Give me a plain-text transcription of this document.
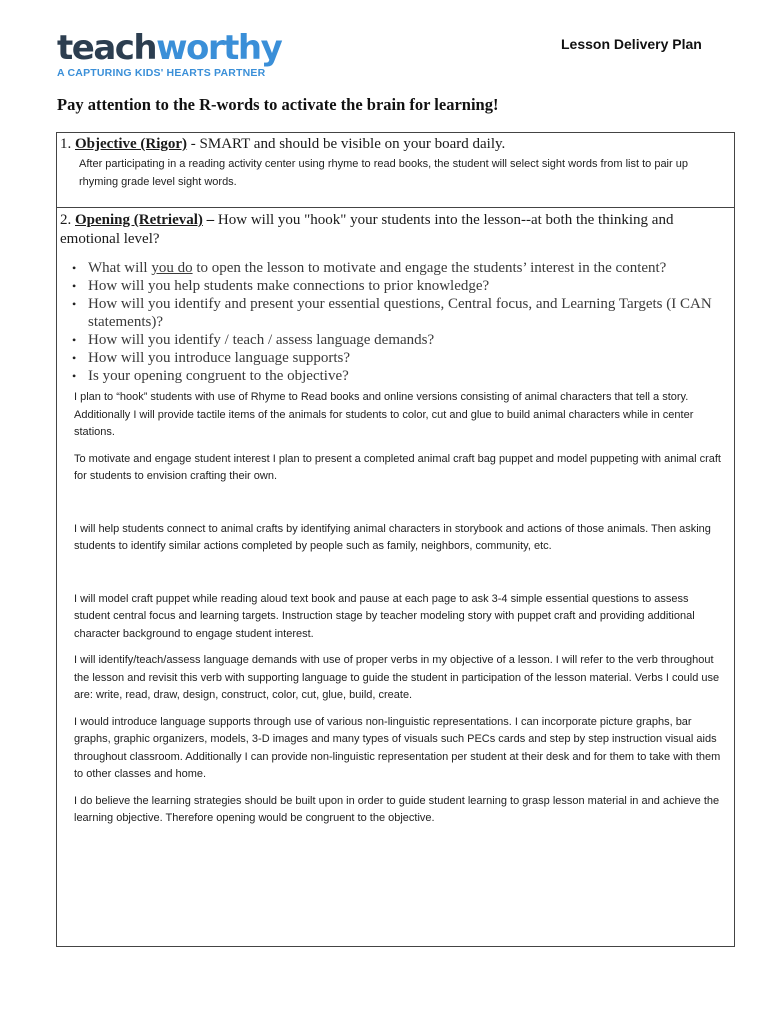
teachworthy
A CAPTURING KIDS' HEARTS PARTNER
Lesson Delivery Plan
Pay attention to the R-words to activate the brain for learning!
1. Objective (Rigor) - SMART and should be visible on your board daily.

After participating in a reading activity center using rhyme to read books, the student will select sight words from list to pair up rhyming grade level sight words.

2. Opening (Retrieval) – How will you "hook" your students into the lesson--at both the thinking and emotional level?
• What will you do to open the lesson to motivate and engage the students’ interest in the content?
• How will you help students make connections to prior knowledge?
• How will you identify and present your essential questions, Central focus, and Learning Targets (I CAN statements)?
• How will you identify / teach / assess language demands?
• How will you introduce language supports?
• Is your opening congruent to the objective?

I plan to “hook” students with use of Rhyme to Read books and online versions consisting of animal characters that tell a story. Additionally I will provide tactile items of the animals for students to color, cut and glue to build animal characters while in center stations.

To motivate and engage student interest I plan to present a completed animal craft bag puppet and model puppeting with animal craft for students to envision crafting their own.

I will help students connect to animal crafts by identifying animal characters in storybook and actions of those animals. Then asking students to identify similar actions completed by people such as family, neighbors, community, etc.

I will model craft puppet while reading aloud text book and pause at each page to ask 3-4 simple essential questions to assess student central focus and learning targets. Instruction stage by teacher modeling story with puppet craft and providing additional character background to engage student interest.

I will identify/teach/assess language demands with use of proper verbs in my objective of a lesson. I will refer to the verb throughout the lesson and revisit this verb with supporting language to guide the student in participation of the lesson material. Verbs I could use are: write, read, draw, design, construct, color, cut, glue, build, create.

I would introduce language supports through use of various non-linguistic representations. I can incorporate picture graphs, bar graphs, graphic organizers, models, 3-D images and many types of visuals such PECs cards and step by step instruction visual aids throughout classroom. Additionally I can provide non-linguistic representation per student at their desk and for them to take with them to other classes and home.

I do believe the learning strategies should be built upon in order to guide student learning to grasp lesson material in and achieve the learning objective. Therefore opening would be congruent to the objective.
